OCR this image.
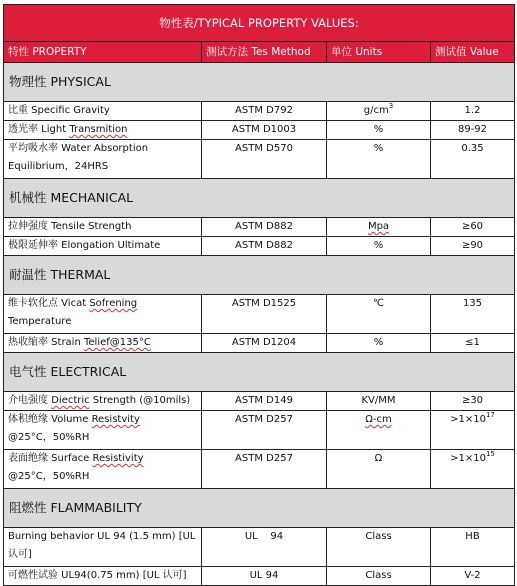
物性表/TYPICAL PROPERTY VALUES:			
特性 PROPERTY	测试方法 Tes Method	单位 Units	测试值 Value
物理性 PHYSICAL			
比重 Specific Gravity	ASTM D792	$g/cm^3$	1.2
透光率 Light Transmition	ASTM D1003	%	89-92

平均吸水率 Water Absorption
Equilibrium，24HRS	ASTM D570	%	0.35
机械性 MECHANICAL			
拉伸强度 Tensile Strength	ASTM D882	Mpa	≥60
极限延伸率 Elongation Ultimate	ASTM D882	%	≥90
耐温性 THERMAL			

维卡软化点 Vicat Sofrening
Temperature	ASTM D1525	℃	135
热收缩率 Strain Telief@135°C	ASTM D1204	%	≤1
电气性 ELECTRICAL			
介电强度 Diectric Strength (@10mils)	ASTM D149	KV/MM	≥30

体积绝缘 Volume Resistvity
@25°C，50%RH	ASTM D257	Ω-cm	$>1\times 10^{17}$

表面绝缘 Surface Resistivity
@25°C，50%RH	ASTM D257	Ω	$>1\times 10^{15}$
阻燃性 FLAMMABILITY			

Burning behavior UL 94 (1.5 mm) [UL
认可]	UL    94	Class	HB
可燃性试验 UL94(0.75 mm) [UL 认可]	UL 94	Class	V-2
